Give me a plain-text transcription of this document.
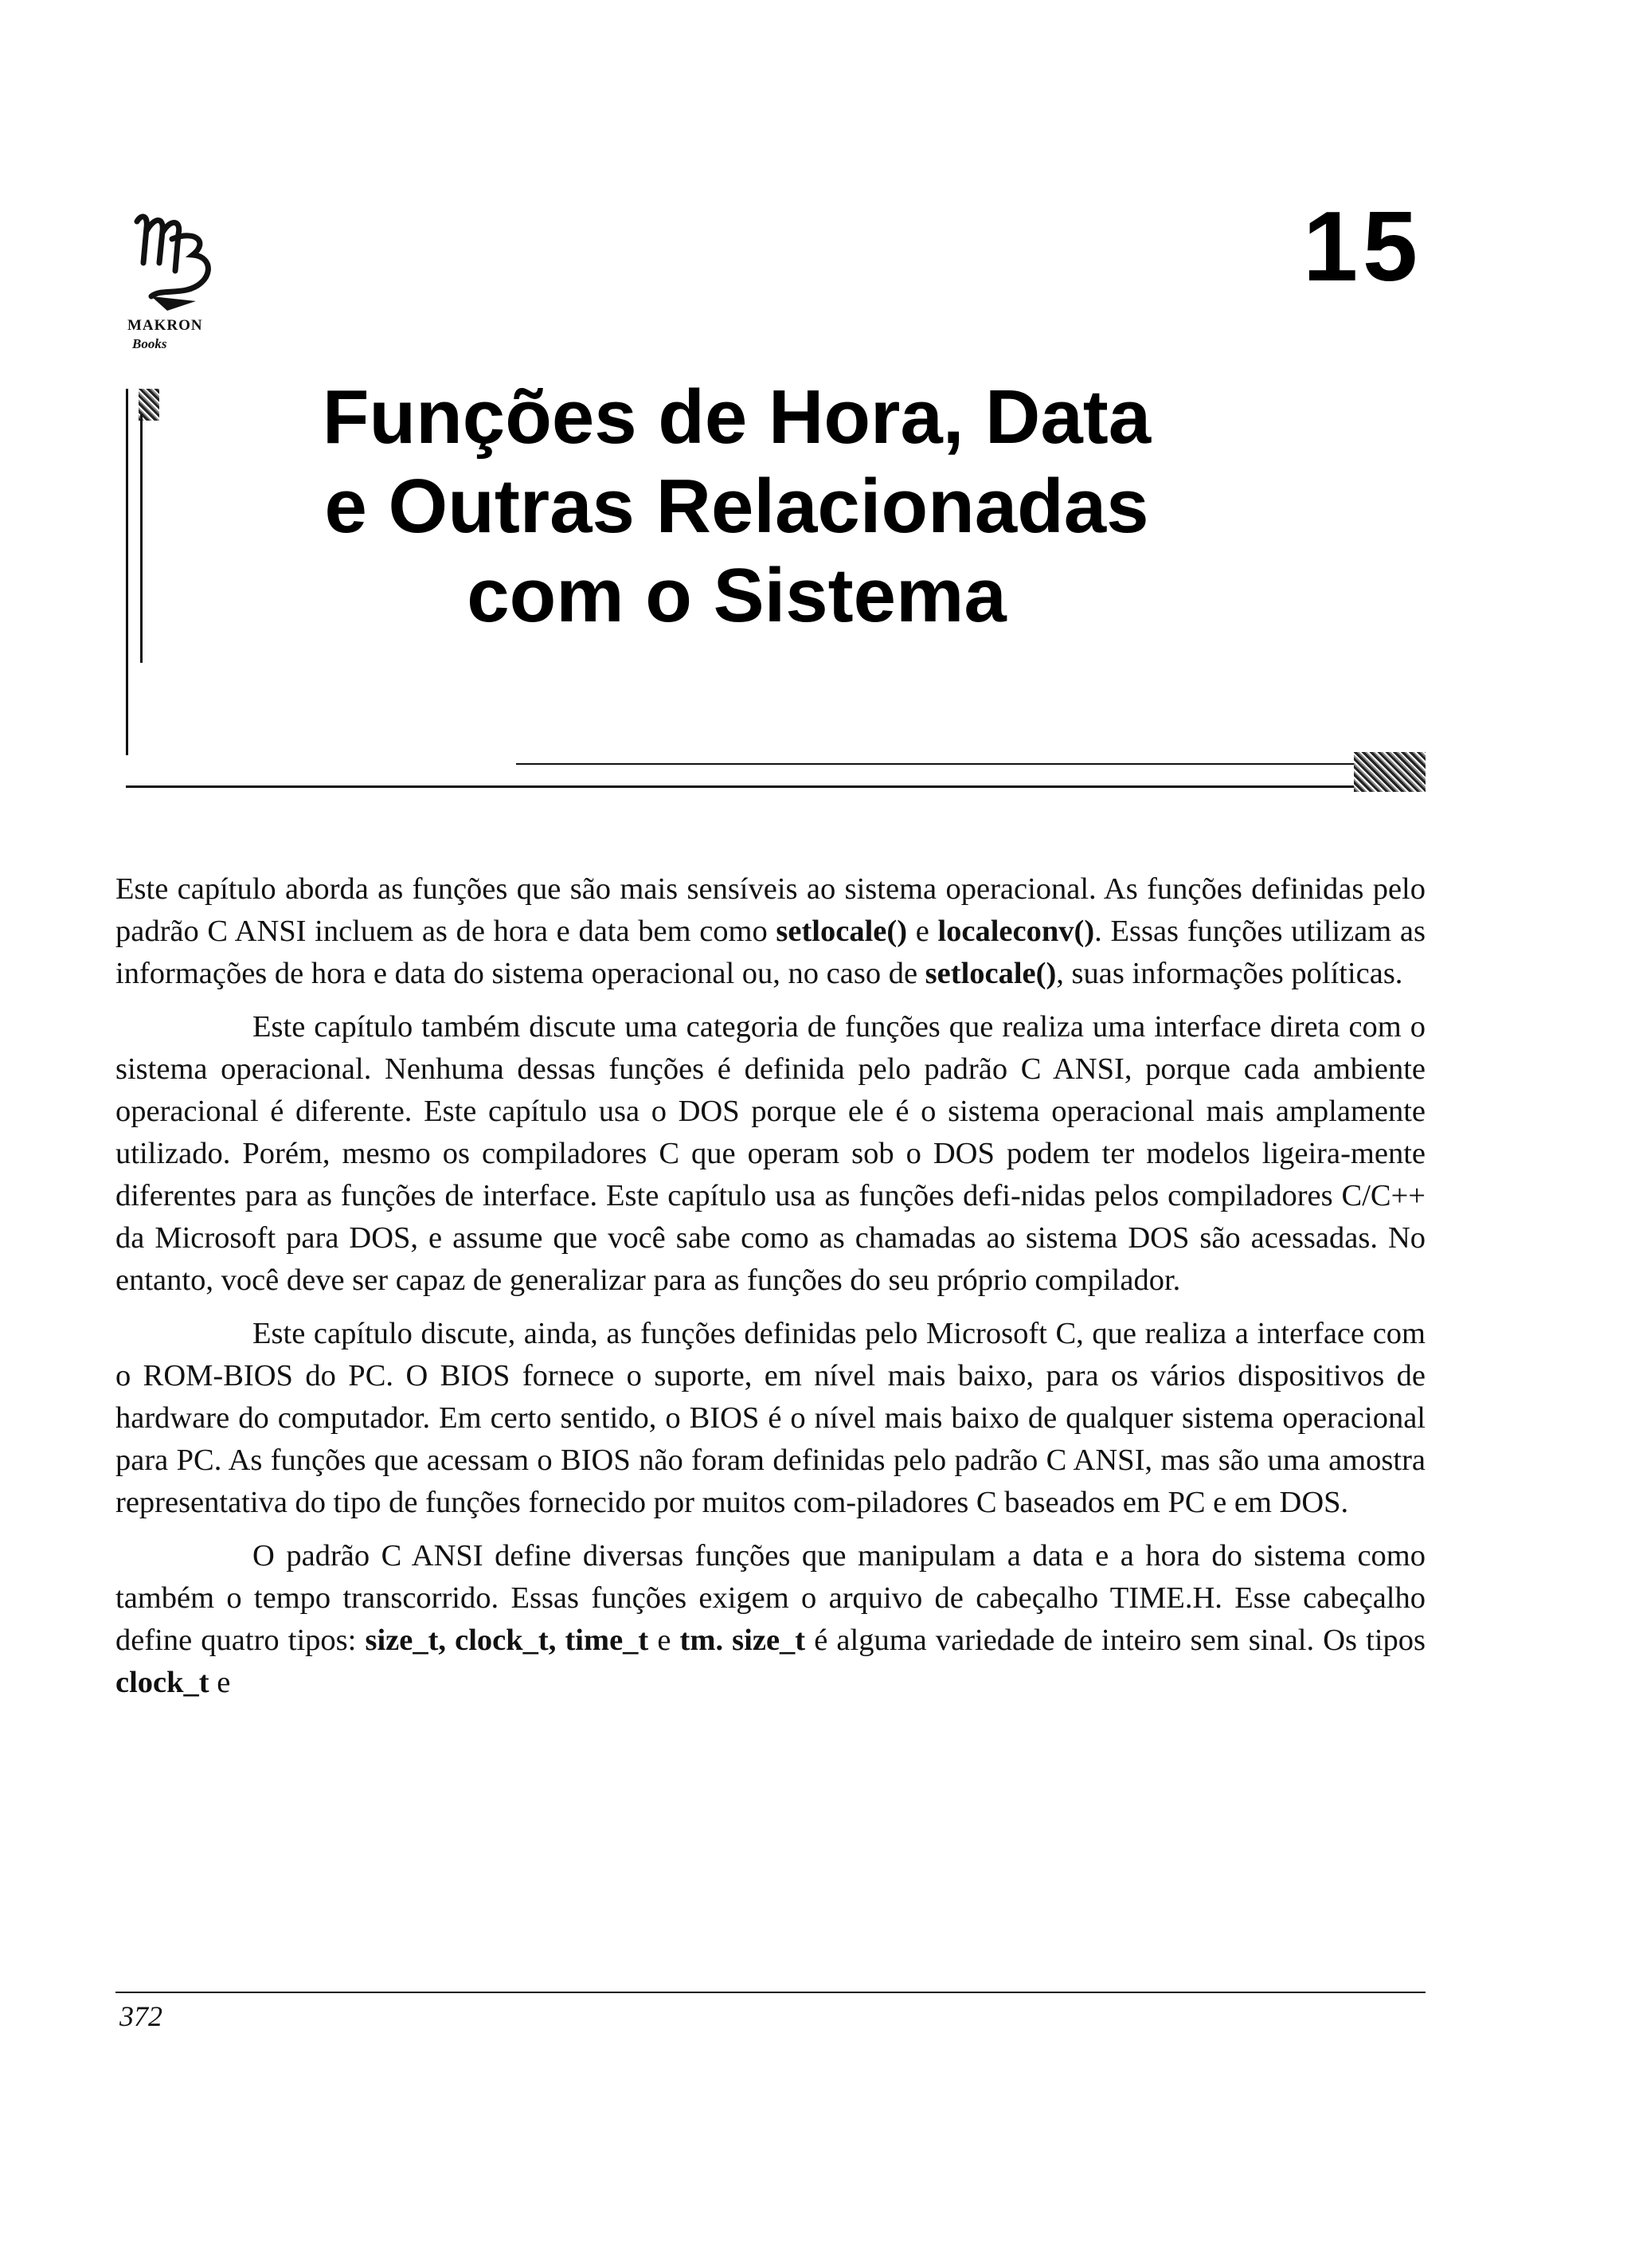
MAKRON
Books
15
Funções de Hora, Data
e Outras Relacionadas
com o Sistema

Este capítulo aborda as funções que são mais sensíveis ao sistema operacional. As funções definidas pelo padrão C ANSI incluem as de hora e data bem como setlocale() e localeconv(). Essas funções utilizam as informações de hora e data do sistema operacional ou, no caso de setlocale(), suas informações políticas.

Este capítulo também discute uma categoria de funções que realiza uma interface direta com o sistema operacional. Nenhuma dessas funções é definida pelo padrão C ANSI, porque cada ambiente operacional é diferente. Este capítulo usa o DOS porque ele é o sistema operacional mais amplamente utilizado. Porém, mesmo os compiladores C que operam sob o DOS podem ter modelos ligeira-mente diferentes para as funções de interface. Este capítulo usa as funções defi-nidas pelos compiladores C/C++ da Microsoft para DOS, e assume que você sabe como as chamadas ao sistema DOS são acessadas. No entanto, você deve ser capaz de generalizar para as funções do seu próprio compilador.

Este capítulo discute, ainda, as funções definidas pelo Microsoft C, que realiza a interface com o ROM-BIOS do PC. O BIOS fornece o suporte, em nível mais baixo, para os vários dispositivos de hardware do computador. Em certo sentido, o BIOS é o nível mais baixo de qualquer sistema operacional para PC. As funções que acessam o BIOS não foram definidas pelo padrão C ANSI, mas são uma amostra representativa do tipo de funções fornecido por muitos com-piladores C baseados em PC e em DOS.

O padrão C ANSI define diversas funções que manipulam a data e a hora do sistema como também o tempo transcorrido. Essas funções exigem o arquivo de cabeçalho TIME.H. Esse cabeçalho define quatro tipos: size_t, clock_t, time_t e tm. size_t é alguma variedade de inteiro sem sinal. Os tipos clock_t e

372
